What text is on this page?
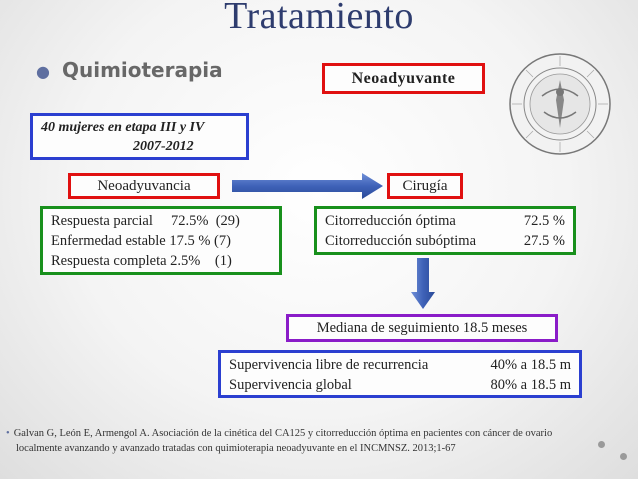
Tratamiento
● Quimioterapia	Neoadyuvante
40 mujeres en etapa III y IV
2007-2012
Neoadyuvancia	Cirugía
Respuesta parcial     72.5%  (29)
Enfermedad estable 17.5 % (7)
Respuesta completa 2.5%    (1)
Citorreducción óptima	72.5 %
Citorreducción subóptima	27.5 %
Mediana de seguimiento 18.5 meses
Supervivencia libre de recurrencia	40% a 18.5 m
Supervivencia global	80% a 18.5 m
• Galvan G, León E, Armengol A. Asociación de la cinética del CA125 y citorreducción óptima en pacientes con cáncer de ovario
localmente avanzando y avanzado tratadas con quimioterapia neoadyuvante en el INCMNSZ. 2013;1-67
